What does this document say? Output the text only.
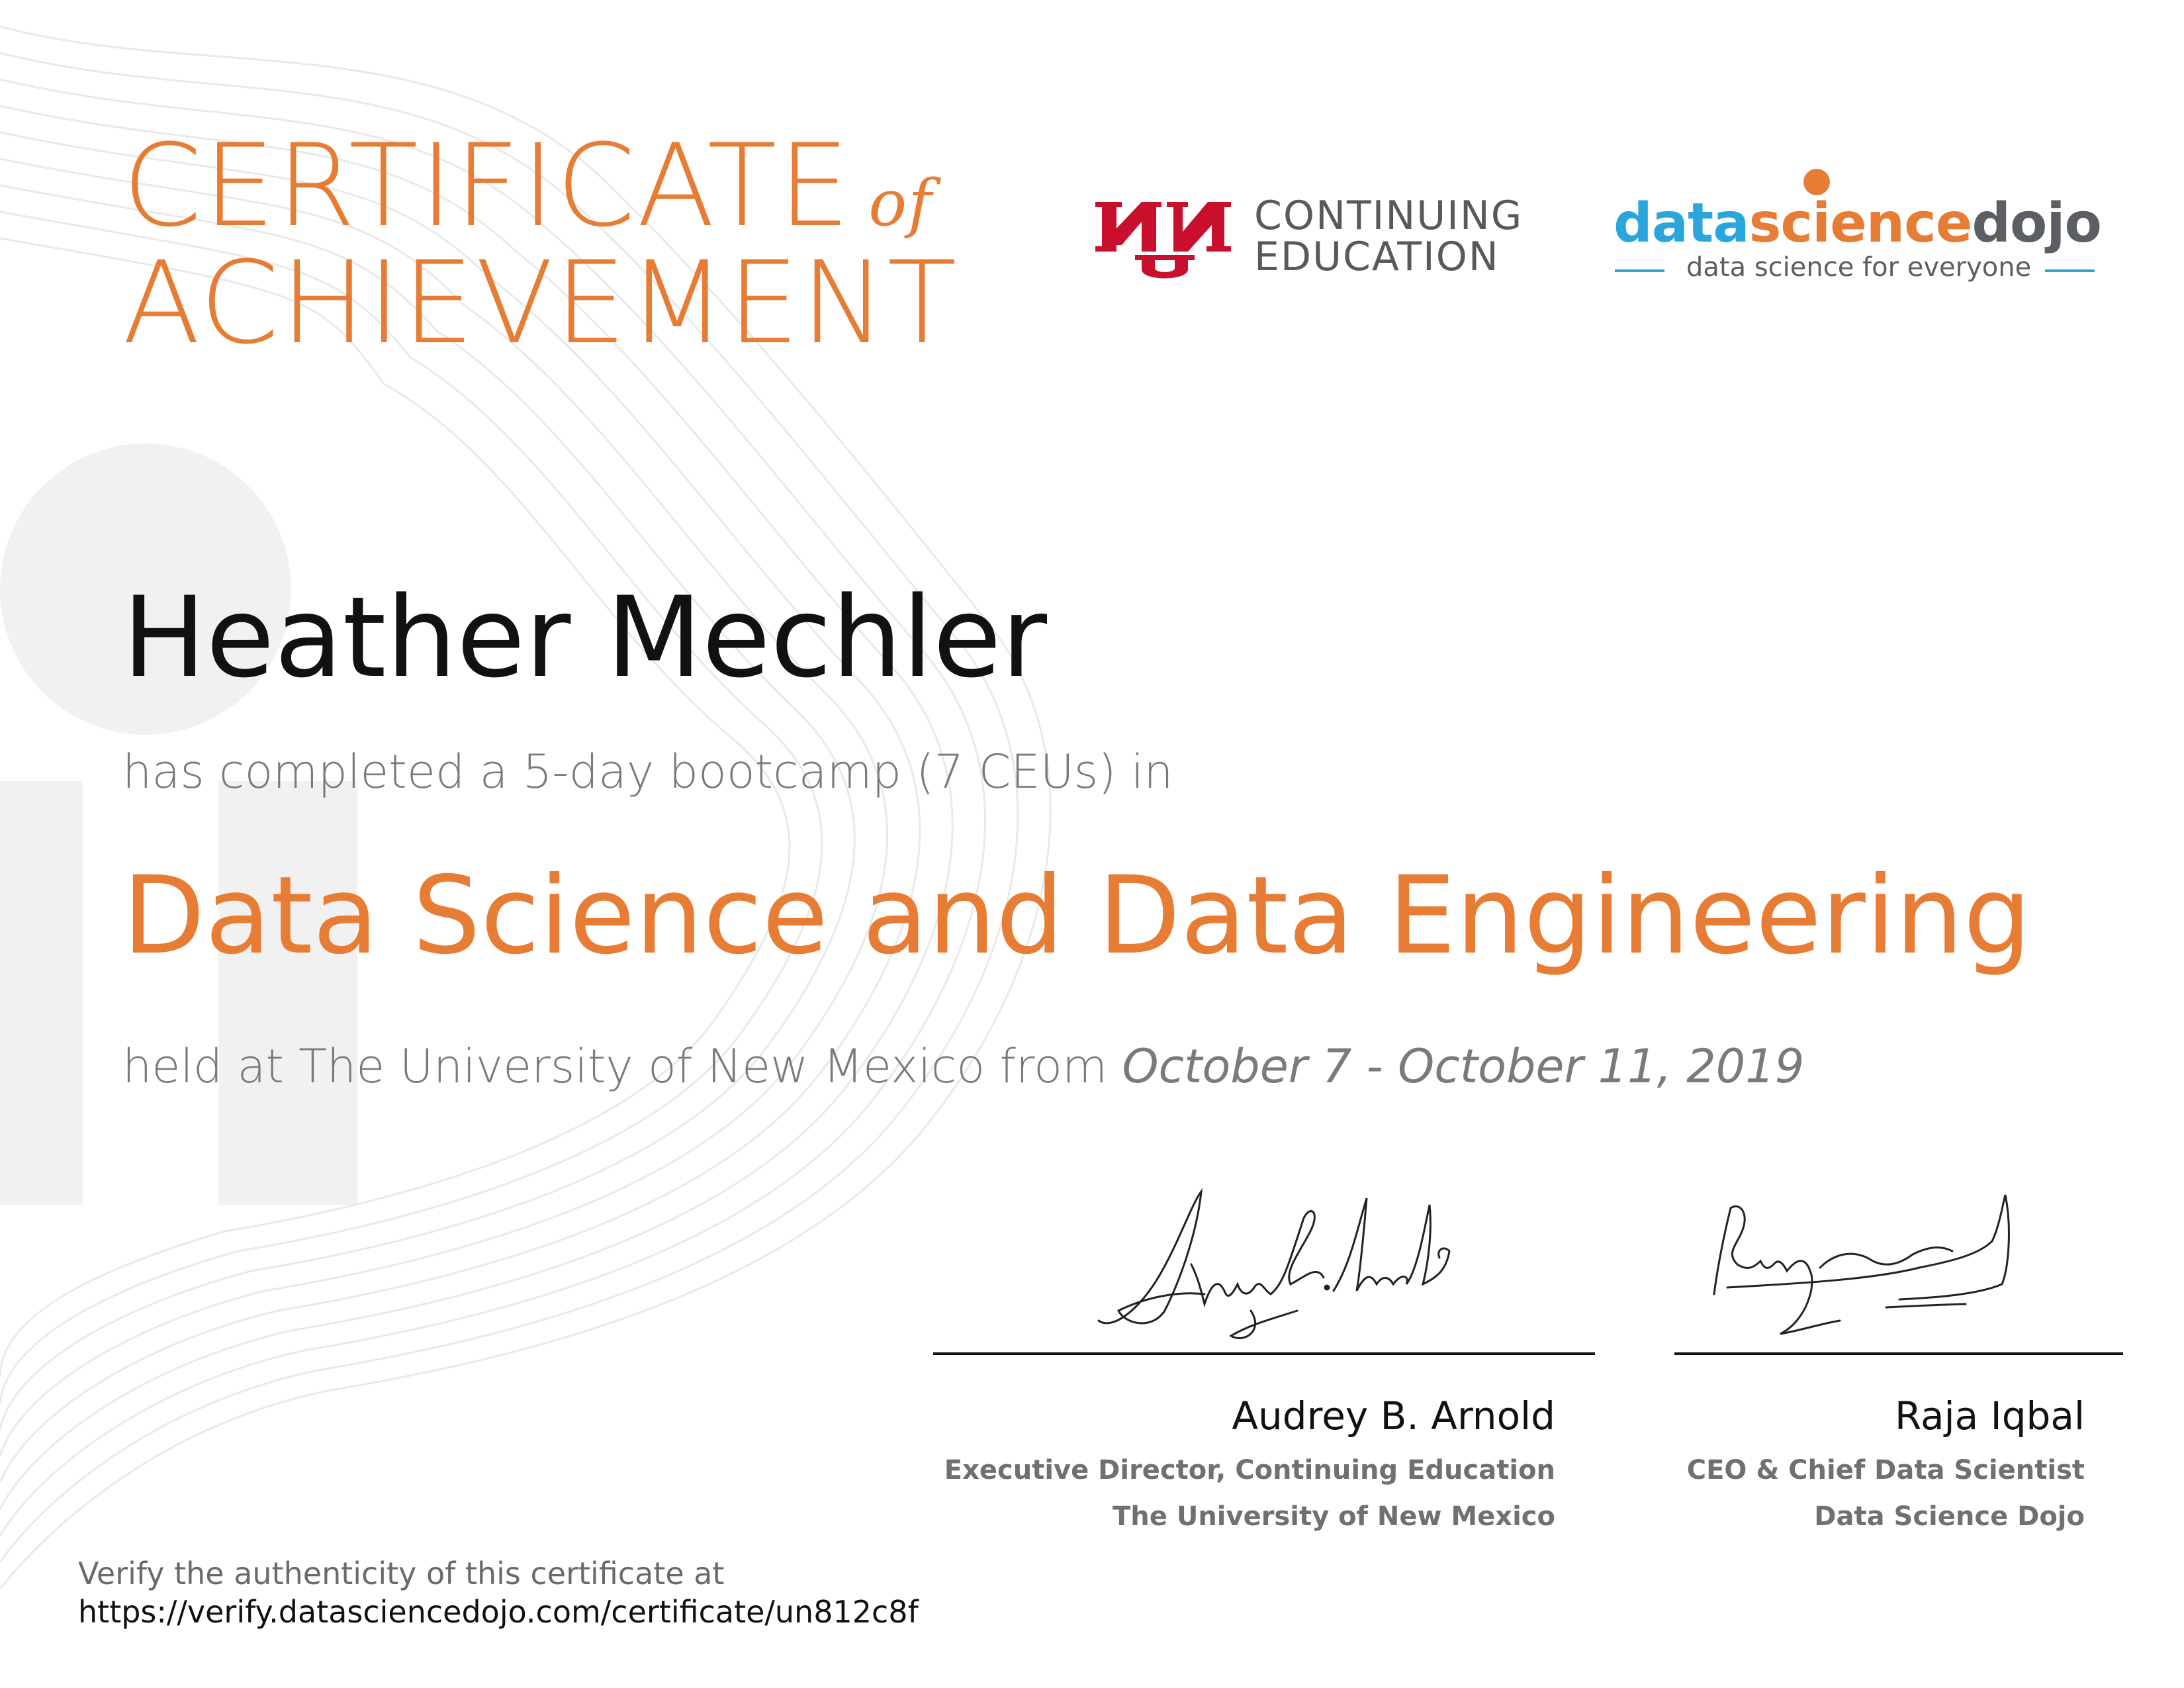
CERTIFICATE of
ACHIEVEMENT
CONTINUING
EDUCATION
datasciencedojo
data science for everyone
Heather Mechler
has completed a 5-day bootcamp (7 CEUs) in
Data Science and Data Engineering
held at The University of New Mexico from October 7 - October 11, 2019
Audrey B. Arnold
Executive Director, Continuing Education
The University of New Mexico
Raja Iqbal
CEO & Chief Data Scientist
Data Science Dojo
Verify the authenticity of this certificate at
https://verify.datasciencedojo.com/certificate/un812c8f
